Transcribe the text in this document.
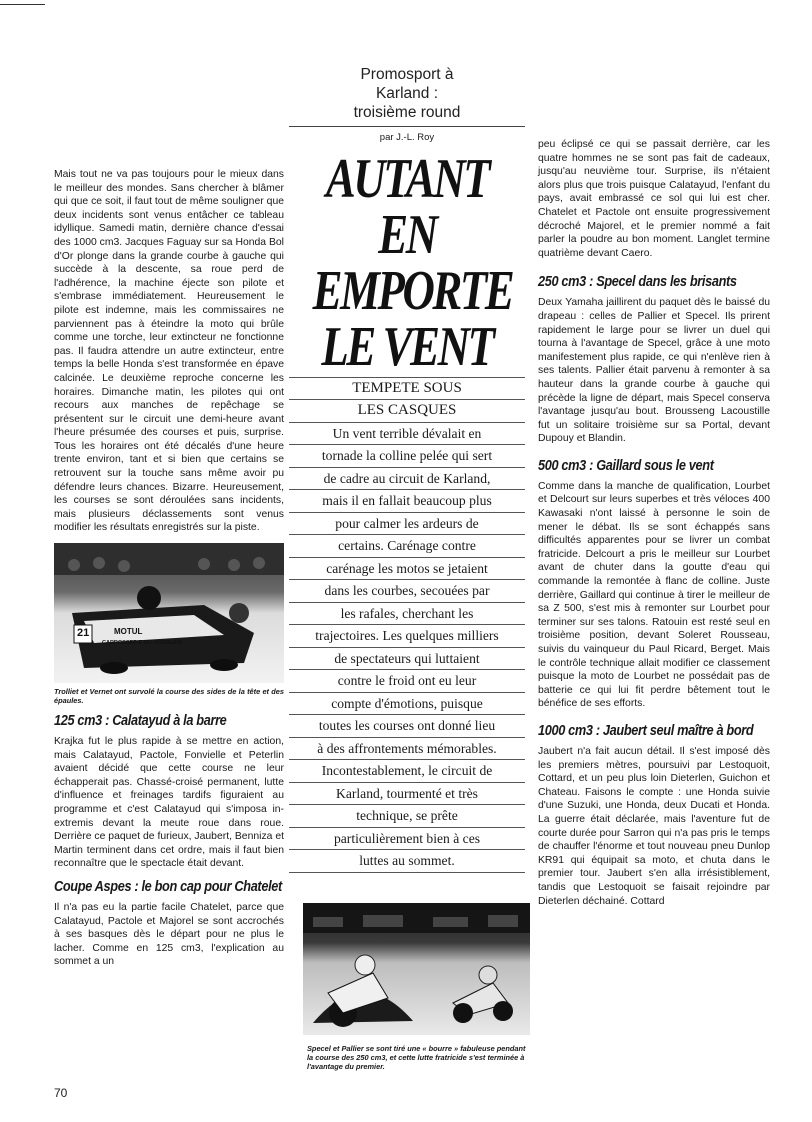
Mais tout ne va pas toujours pour le mieux dans le meilleur des mondes. Sans chercher à blâmer qui que ce soit, il faut tout de même souligner que deux incidents sont venus entâcher ce tableau idyllique. Samedi matin, dernière chance d'essai des 1000 cm3. Jacques Faguay sur sa Honda Bol d'Or plonge dans la grande courbe à gauche qui succède à la descente, sa roue perd de l'adhérence, la machine éjecte son pilote et s'embrase immédiatement. Heureusement le pilote est indemne, mais les commissaires ne parviennent pas à éteindre la moto qui brûle comme une torche, leur extincteur ne fonctionne pas. Il faudra attendre un autre extincteur, entre temps la belle Honda s'est transformée en épave calcinée. Le deuxième reproche concerne les horaires. Dimanche matin, les pilotes qui ont recours aux manches de repêchage se présentent sur le circuit une demi-heure avant l'heure présumée des courses et puis, surprise. Tous les horaires ont été décalés d'une heure trente environ, tant et si bien que certains se retrouvent sur la touche sans même avoir pu défendre leurs chances. Bizarre. Heureusement, les courses se sont déroulées sans incidents, mais plusieurs déclassements sont venus modifier les résultats enregistrés sur la piste.

21	MOTUL
CARROSSERIE DU CHABLAIS

Trolliet et Vernet ont survolé la course des sides de la tête et des épaules.

125 cm3 : Calatayud à la barre

Krajka fut le plus rapide à se mettre en action, mais Calatayud, Pactole, Fonvielle et Peterlin avaient décidé que cette course ne leur échapperait pas. Chassé-croisé permanent, lutte d'influence et freinages tardifs figuraient au programme et c'est Calatayud qui s'imposa in-extremis devant la meute roue dans roue. Derrière ce paquet de furieux, Jaubert, Benniza et Martin terminent dans cet ordre, mais il faut bien reconnaître que le spectacle était devant.

Coupe Aspes : le bon cap pour Chatelet

Il n'a pas eu la partie facile Chatelet, parce que Calatayud, Pactole et Majorel se sont accrochés à ses basques dès le départ pour ne plus le lacher. Comme en 125 cm3, l'explication au sommet a un

Promosport à
Karland :
troisième round
par J.-L. Roy
AUTANT
EN
EMPORTE
LE VENT
TEMPETE SOUS
LES CASQUES
Un vent terrible dévalait en
tornade la colline pelée qui sert
de cadre au circuit de Karland,
mais il en fallait beaucoup plus
pour calmer les ardeurs de
certains. Carénage contre
carénage les motos se jetaient
dans les courbes, secouées par
les rafales, cherchant les
trajectoires. Les quelques milliers
de spectateurs qui luttaient
contre le froid ont eu leur
compte d'émotions, puisque
toutes les courses ont donné lieu
à des affrontements mémorables.
Incontestablement, le circuit de
Karland, tourmenté et très
technique, se prête
particulièrement bien à ces
luttes au sommet.

Specel et Pallier se sont tiré une « bourre » fabuleuse pendant la course des 250 cm3, et cette lutte fratricide s'est terminée à l'avantage du premier.

peu éclipsé ce qui se passait derrière, car les quatre hommes ne se sont pas fait de cadeaux, jusqu'au neuvième tour. Surprise, ils n'étaient alors plus que trois puisque Calatayud, l'enfant du pays, avait embrassé ce sol qui lui est cher. Chatelet et Pactole ont ensuite progressivement décroché Majorel, et le premier nommé a fait parler la poudre au bon moment. Langlet termine quatrième devant Caero.

250 cm3 : Specel dans les brisants

Deux Yamaha jaillirent du paquet dès le baissé du drapeau : celles de Pallier et Specel. Ils prirent rapidement le large pour se livrer un duel qui tourna à l'avantage de Specel, grâce à une moto manifestement plus rapide, ce qui n'enlève rien à ses talents. Pallier était parvenu à remonter à sa hauteur dans la grande courbe à gauche qui précède la ligne de départ, mais Specel conserva l'avantage jusqu'au bout. Brousseng Lacoustille fut un solitaire troisième sur sa Portal, devant Dupouy et Blandin.

500 cm3 : Gaillard sous le vent

Comme dans la manche de qualification, Lourbet et Delcourt sur leurs superbes et très véloces 400 Kawasaki n'ont laissé à personne le soin de mener le débat. Ils se sont échappés sans difficultés apparentes pour se livrer un combat fratricide. Delcourt a pris le meilleur sur Lourbet avant de chuter dans la goutte d'eau qui commande la remontée à flanc de colline. Juste derrière, Gaillard qui continue à tirer le meilleur de sa Z 500, s'est mis à remonter sur Lourbet pour terminer sur ses talons. Ratouin est resté seul en troisième position, devant Soleret Rousseau, suivis du vainqueur du Paul Ricard, Berget. Mais le contrôle technique allait modifier ce classement puisque la moto de Lourbet ne possédait pas de batterie ce qui lui fit perdre bêtement tout le bénéfice de ses efforts.

1000 cm3 : Jaubert seul maître à bord

Jaubert n'a fait aucun détail. Il s'est imposé dès les premiers mètres, poursuivi par Lestoquoit, Cottard, et un peu plus loin Dieterlen, Guichon et Chateau. Faisons le compte : une Honda suivie d'une Suzuki, une Honda, deux Ducati et Honda. La guerre était déclarée, mais l'aventure fut de courte durée pour Sarron qui n'a pas pris le temps de chauffer l'énorme et tout nouveau pneu Dunlop KR91 qui équipait sa moto, et chuta dans le premier tour. Jaubert s'en alla irrésistiblement, tandis que Lestoquoit se faisait rejoindre par Dieterlen déchainé. Cottard

70
